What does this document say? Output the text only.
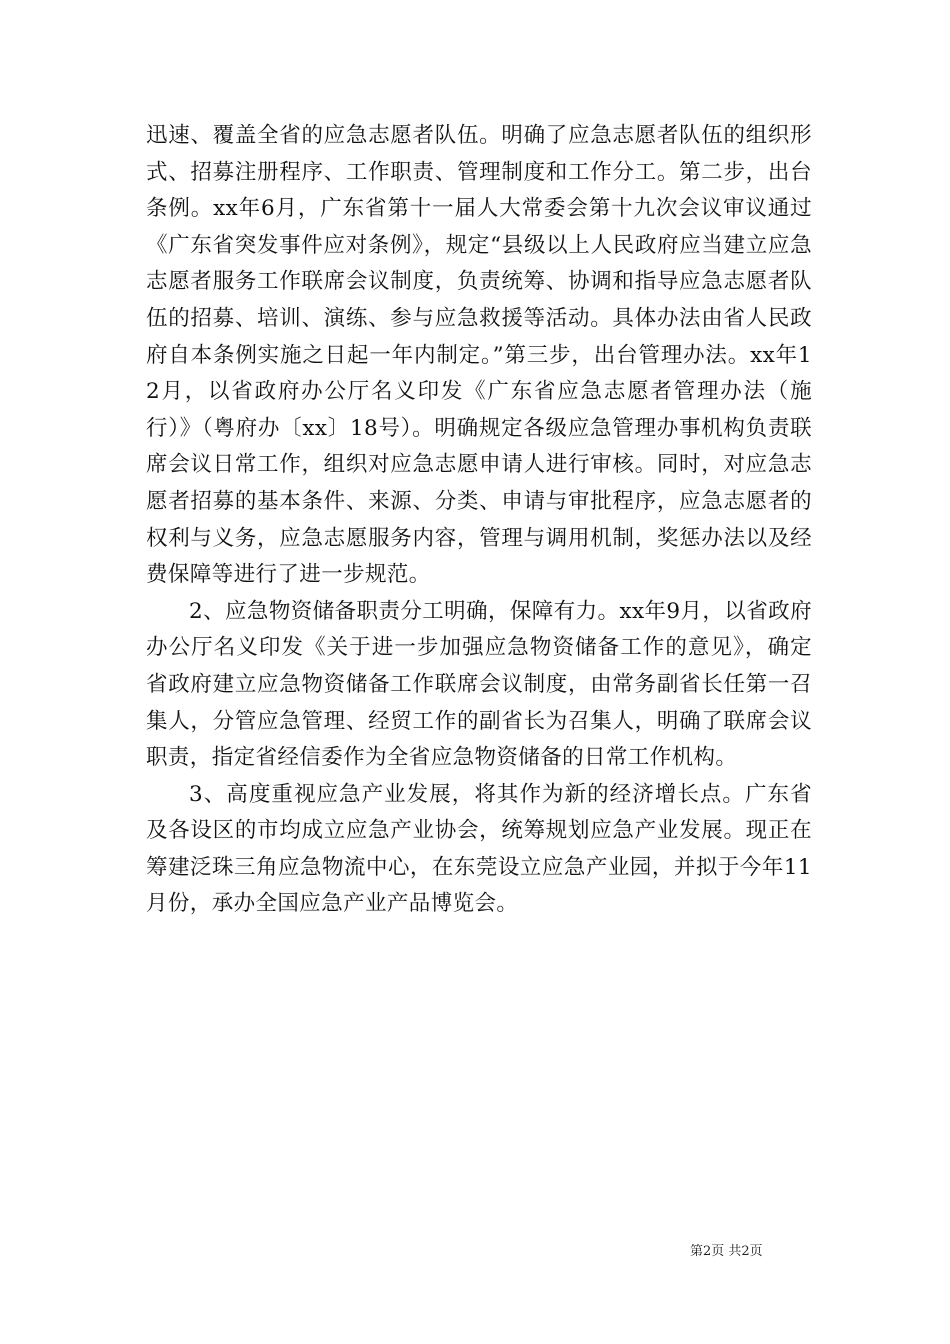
迅速、覆盖全省的应急志愿者队伍。明确了应急志愿者队伍的组织形式、招募注册程序、工作职责、管理制度和工作分工。第二步，出台条例。xx年6月，广东省第十一届人大常委会第十九次会议审议通过《广东省突发事件应对条例》，规定“县级以上人民政府应当建立应急志愿者服务工作联席会议制度，负责统筹、协调和指导应急志愿者队伍的招募、培训、演练、参与应急救援等活动。具体办法由省人民政府自本条例实施之日起一年内制定。”第三步，出台管理办法。xx年12月，以省政府办公厅名义印发《广东省应急志愿者管理办法（施行）》（粤府办〔xx〕18号）。明确规定各级应急管理办事机构负责联席会议日常工作，组织对应急志愿申请人进行审核。同时，对应急志愿者招募的基本条件、来源、分类、申请与审批程序，应急志愿者的权利与义务，应急志愿服务内容，管理与调用机制，奖惩办法以及经费保障等进行了进一步规范。

2、应急物资储备职责分工明确，保障有力。xx年9月，以省政府办公厅名义印发《关于进一步加强应急物资储备工作的意见》，确定省政府建立应急物资储备工作联席会议制度，由常务副省长任第一召集人，分管应急管理、经贸工作的副省长为召集人，明确了联席会议职责，指定省经信委作为全省应急物资储备的日常工作机构。

3、高度重视应急产业发展，将其作为新的经济增长点。广东省及各设区的市均成立应急产业协会，统筹规划应急产业发展。现正在筹建泛珠三角应急物流中心，在东莞设立应急产业园，并拟于今年11月份，承办全国应急产业产品博览会。

第2页 共2页
